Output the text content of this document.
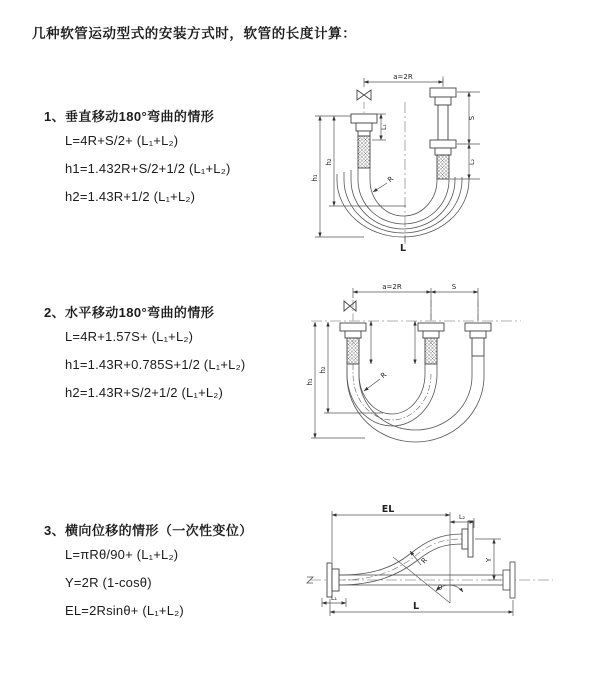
几种软管运动型式的安装方式时，软管的长度计算：
1、垂直移动180°弯曲的情形
L=4R+S/2+ (L₁+L₂)
h1=1.432R+S/2+1/2 (L₁+L₂)
h2=1.43R+1/2 (L₁+L₂)
a=2R
L₁
S
L₂
h₁
h₂
R
L
2、水平移动180°弯曲的情形
L=4R+1.57S+ (L₁+L₂)
h1=1.43R+0.785S+1/2 (L₁+L₂)
h2=1.43R+S/2+1/2 (L₁+L₂)
a=2R	S
h₁
h₂
R
3、横向位移的情形（一次性变位）
L=πRθ/90+ (L₁+L₂)
Y=2R (1-cosθ)
EL=2Rsinθ+ (L₁+L₂)
EL
L₂
Y
R
θ
L
L₁
